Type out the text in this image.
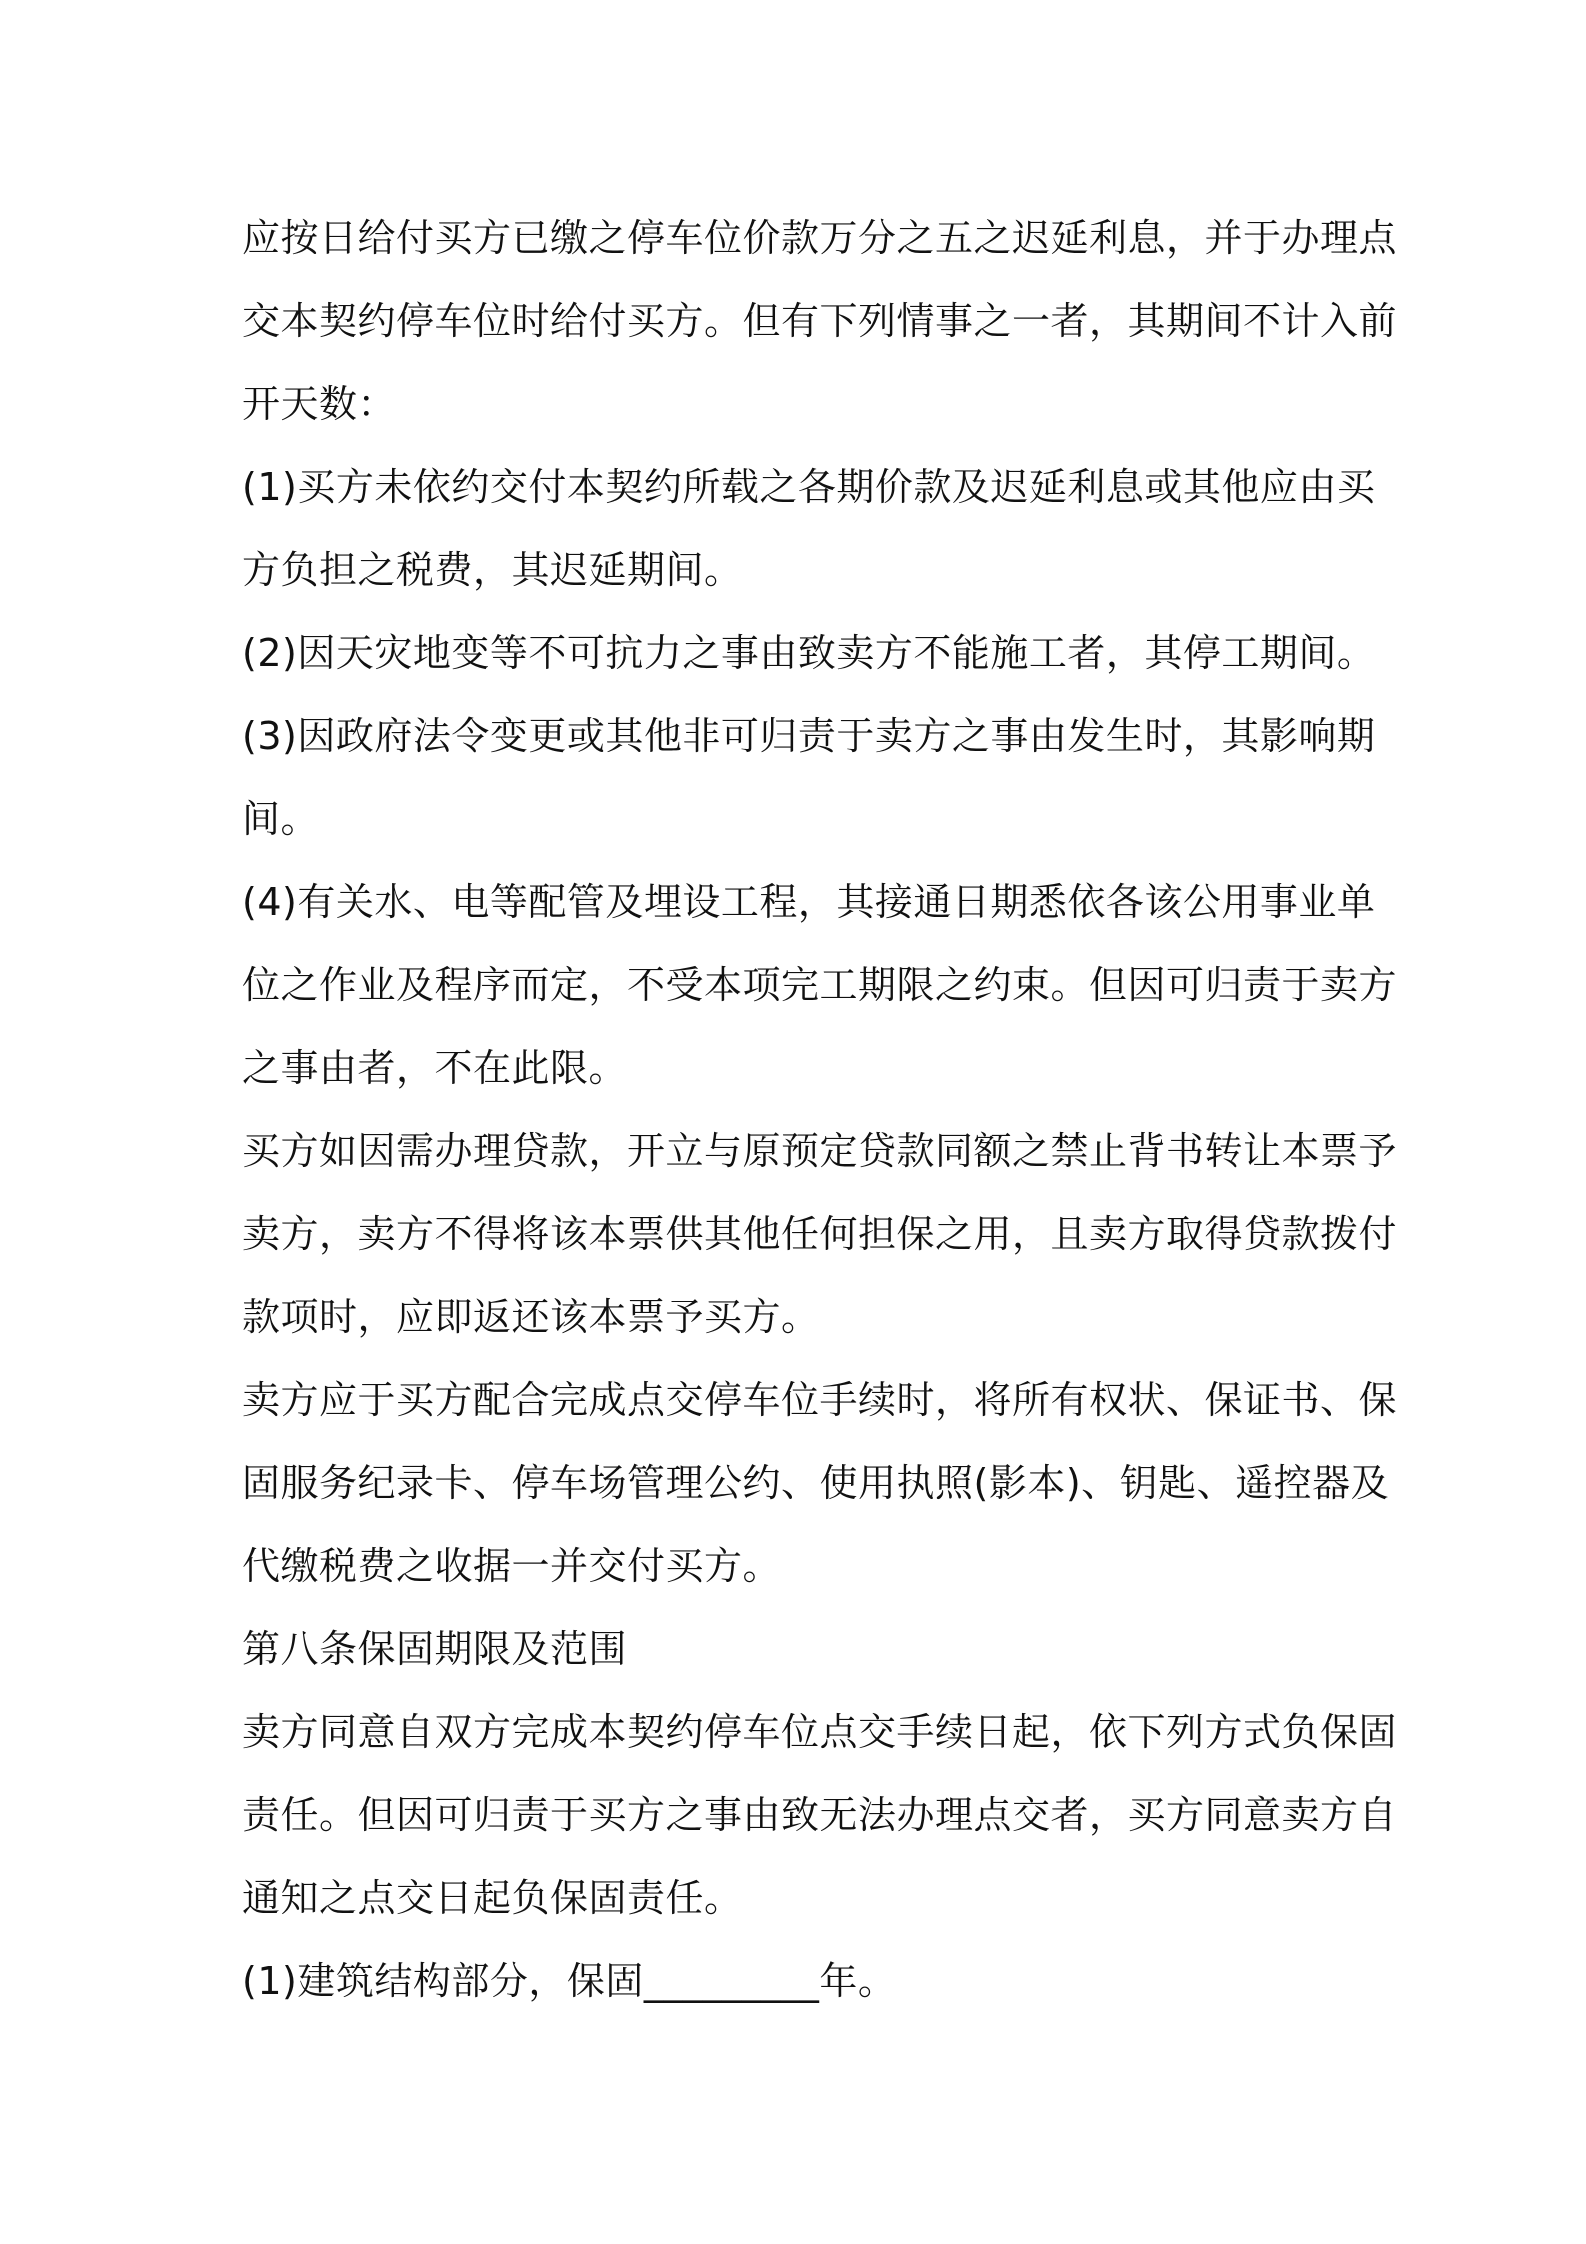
应按日给付买方已缴之停车位价款万分之五之迟延利息，并于办理点
交本契约停车位时给付买方。但有下列情事之一者，其期间不计入前
开天数：
(1)买方未依约交付本契约所载之各期价款及迟延利息或其他应由买
方负担之税费，其迟延期间。
(2)因天灾地变等不可抗力之事由致卖方不能施工者，其停工期间。
(3)因政府法令变更或其他非可归责于卖方之事由发生时，其影响期
间。
(4)有关水、电等配管及埋设工程，其接通日期悉依各该公用事业单
位之作业及程序而定，不受本项完工期限之约束。但因可归责于卖方
之事由者，不在此限。
买方如因需办理贷款，开立与原预定贷款同额之禁止背书转让本票予
卖方，卖方不得将该本票供其他任何担保之用，且卖方取得贷款拨付
款项时，应即返还该本票予买方。
卖方应于买方配合完成点交停车位手续时，将所有权状、保证书、保
固服务纪录卡、停车场管理公约、使用执照(影本)、钥匙、遥控器及
代缴税费之收据一并交付买方。
第八条保固期限及范围
卖方同意自双方完成本契约停车位点交手续日起，依下列方式负保固
责任。但因可归责于买方之事由致无法办理点交者，买方同意卖方自
通知之点交日起负保固责任。
(1)建筑结构部分，保固_________年。
